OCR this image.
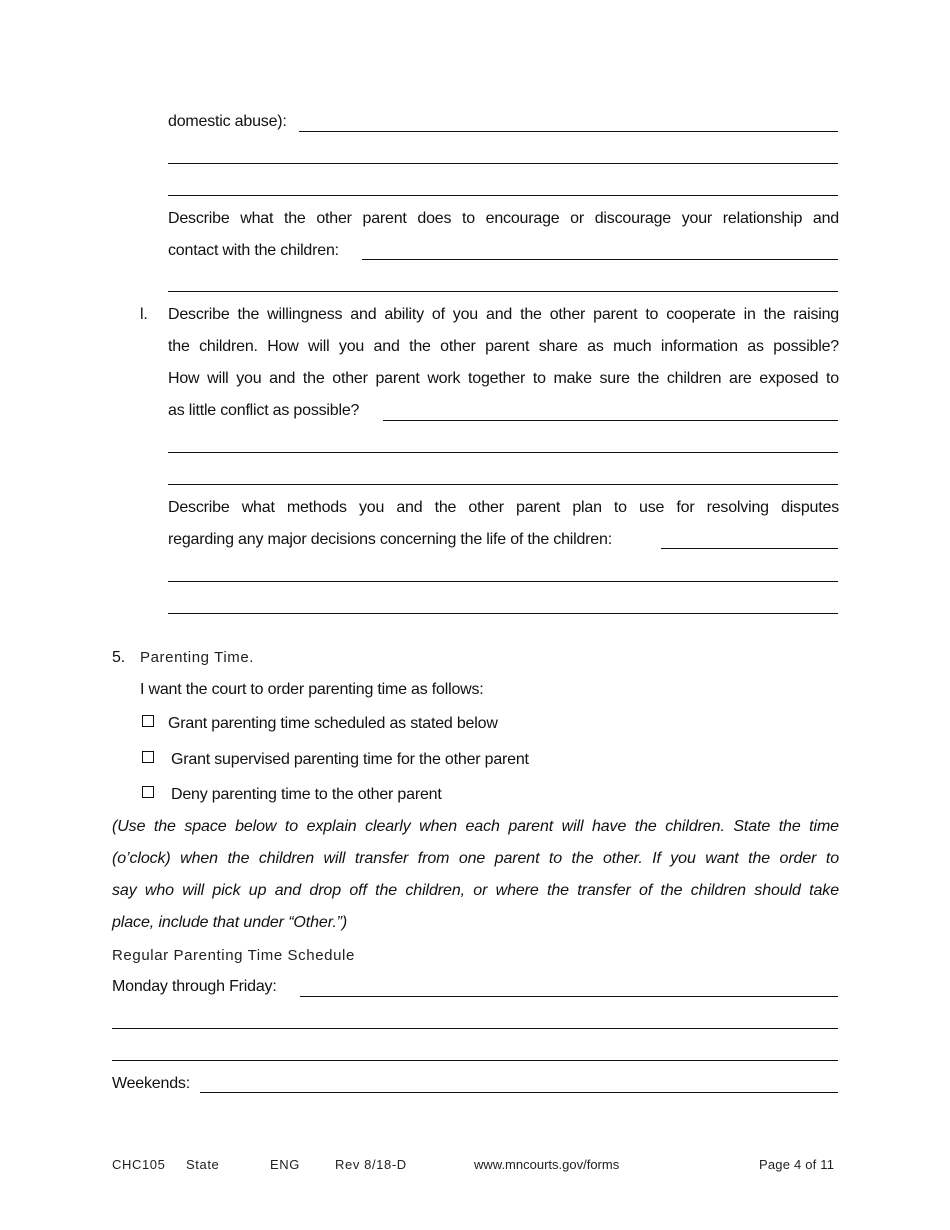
domestic abuse):
Describe what the other parent does to encourage or discourage your relationship and
contact with the children:
l. Describe the willingness and ability of you and the other parent to cooperate in the raising
the children. How will you and the other parent share as much information as possible?
How will you and the other parent work together to make sure the children are exposed to
as little conflict as possible?
Describe what methods you and the other parent plan to use for resolving disputes
regarding any major decisions concerning the life of the children:
5. Parenting Time.
I want the court to order parenting time as follows:
Grant parenting time scheduled as stated below
Grant supervised parenting time for the other parent
Deny parenting time to the other parent
(Use the space below to explain clearly when each parent will have the children. State the time
(o’clock) when the children will transfer from one parent to the other. If you want the order to
say who will pick up and drop off the children, or where the transfer of the children should take
place, include that under “Other.”)
Regular Parenting Time Schedule
Monday through Friday:
Weekends:
CHC105 State	ENG	Rev 8/18-D	www.mncourts.gov/forms	Page 4 of 11
